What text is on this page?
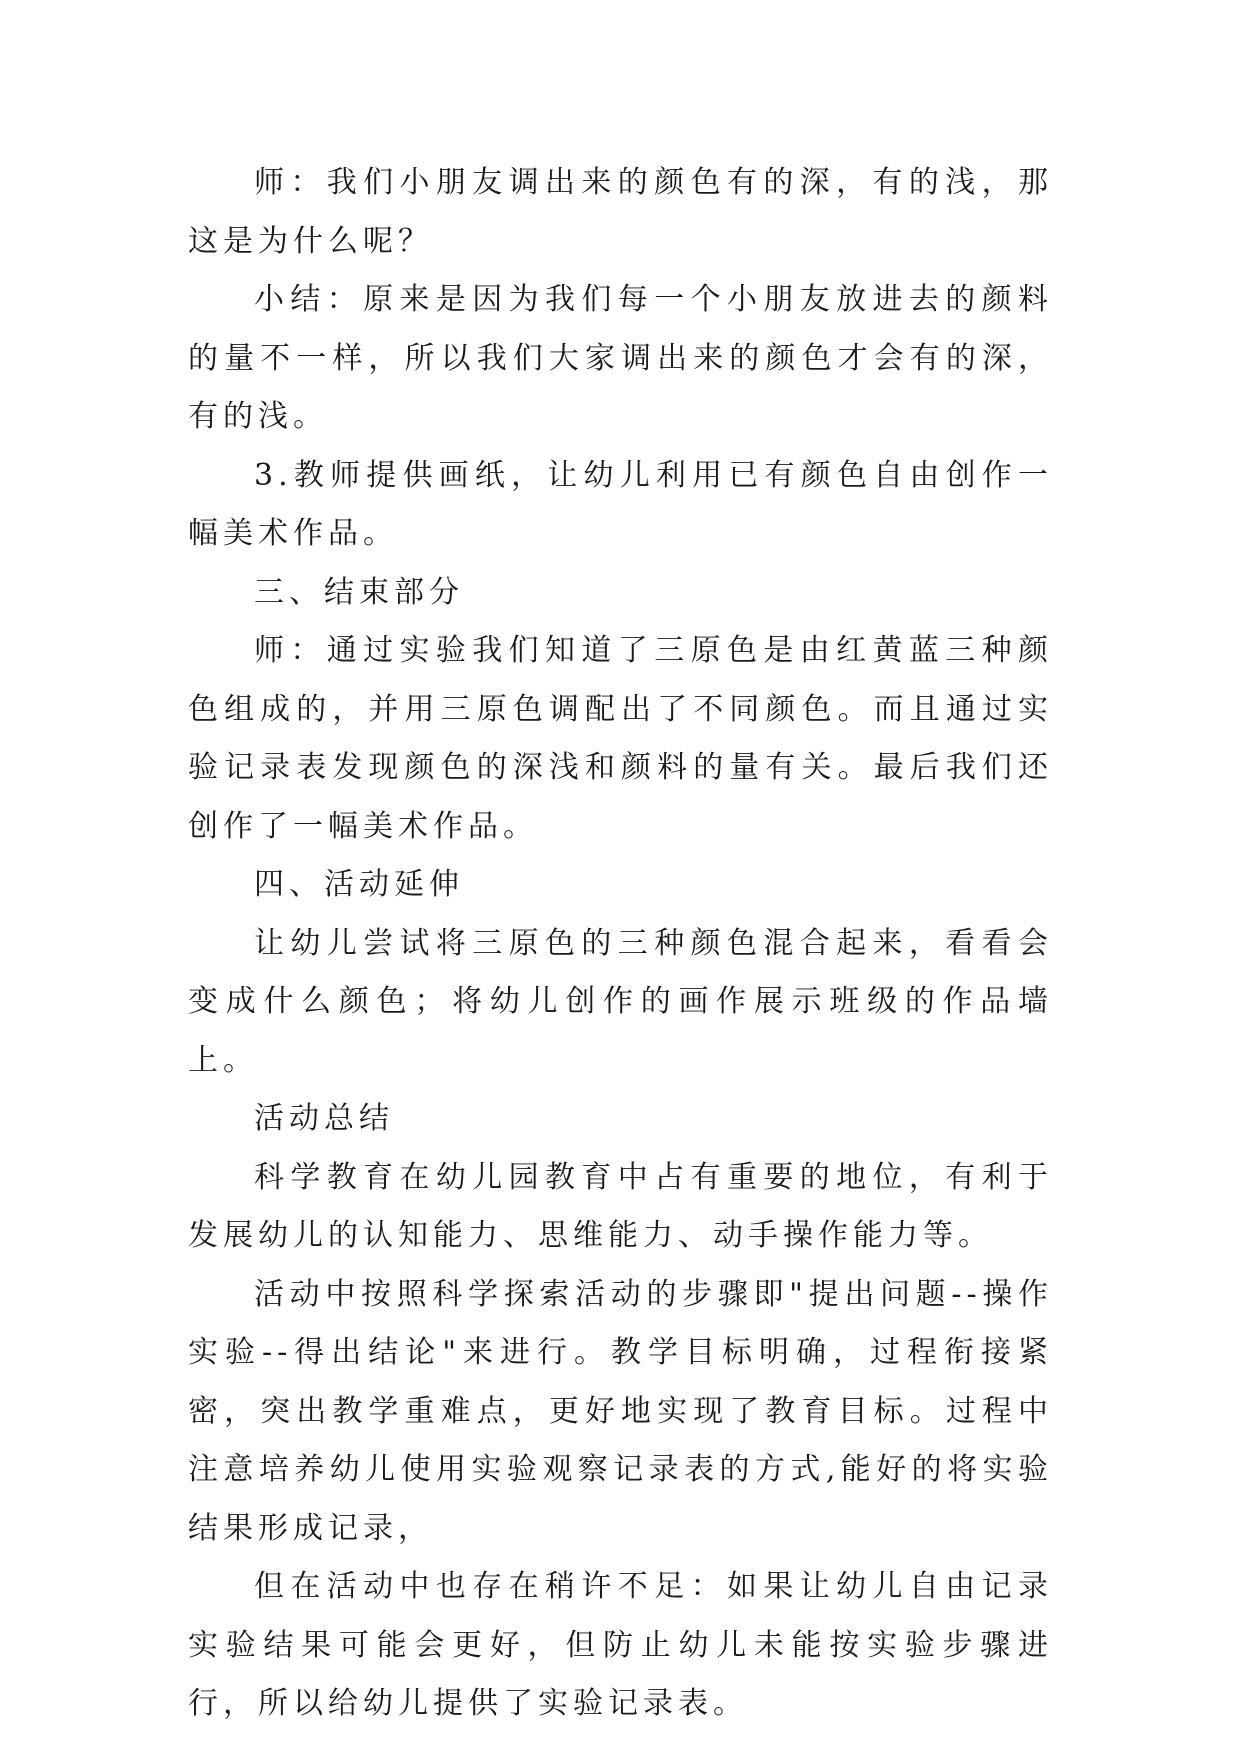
师：我们小朋友调出来的颜色有的深，有的浅，那这是为什么呢？

小结：原来是因为我们每一个小朋友放进去的颜料的量不一样，所以我们大家调出来的颜色才会有的深，有的浅。

3.教师提供画纸，让幼儿利用已有颜色自由创作一幅美术作品。

三、结束部分

师：通过实验我们知道了三原色是由红黄蓝三种颜色组成的，并用三原色调配出了不同颜色。而且通过实验记录表发现颜色的深浅和颜料的量有关。最后我们还创作了一幅美术作品。

四、活动延伸

让幼儿尝试将三原色的三种颜色混合起来，看看会变成什么颜色；将幼儿创作的画作展示班级的作品墙上。

活动总结

科学教育在幼儿园教育中占有重要的地位，有利于发展幼儿的认知能力、思维能力、动手操作能力等。

活动中按照科学探索活动的步骤即"提出问题--操作实验--得出结论"来进行。教学目标明确，过程衔接紧密，突出教学重难点，更好地实现了教育目标。过程中注意培养幼儿使用实验观察记录表的方式,能好的将实验结果形成记录，

但在活动中也存在稍许不足：如果让幼儿自由记录实验结果可能会更好，但防止幼儿未能按实验步骤进行，所以给幼儿提供了实验记录表。
